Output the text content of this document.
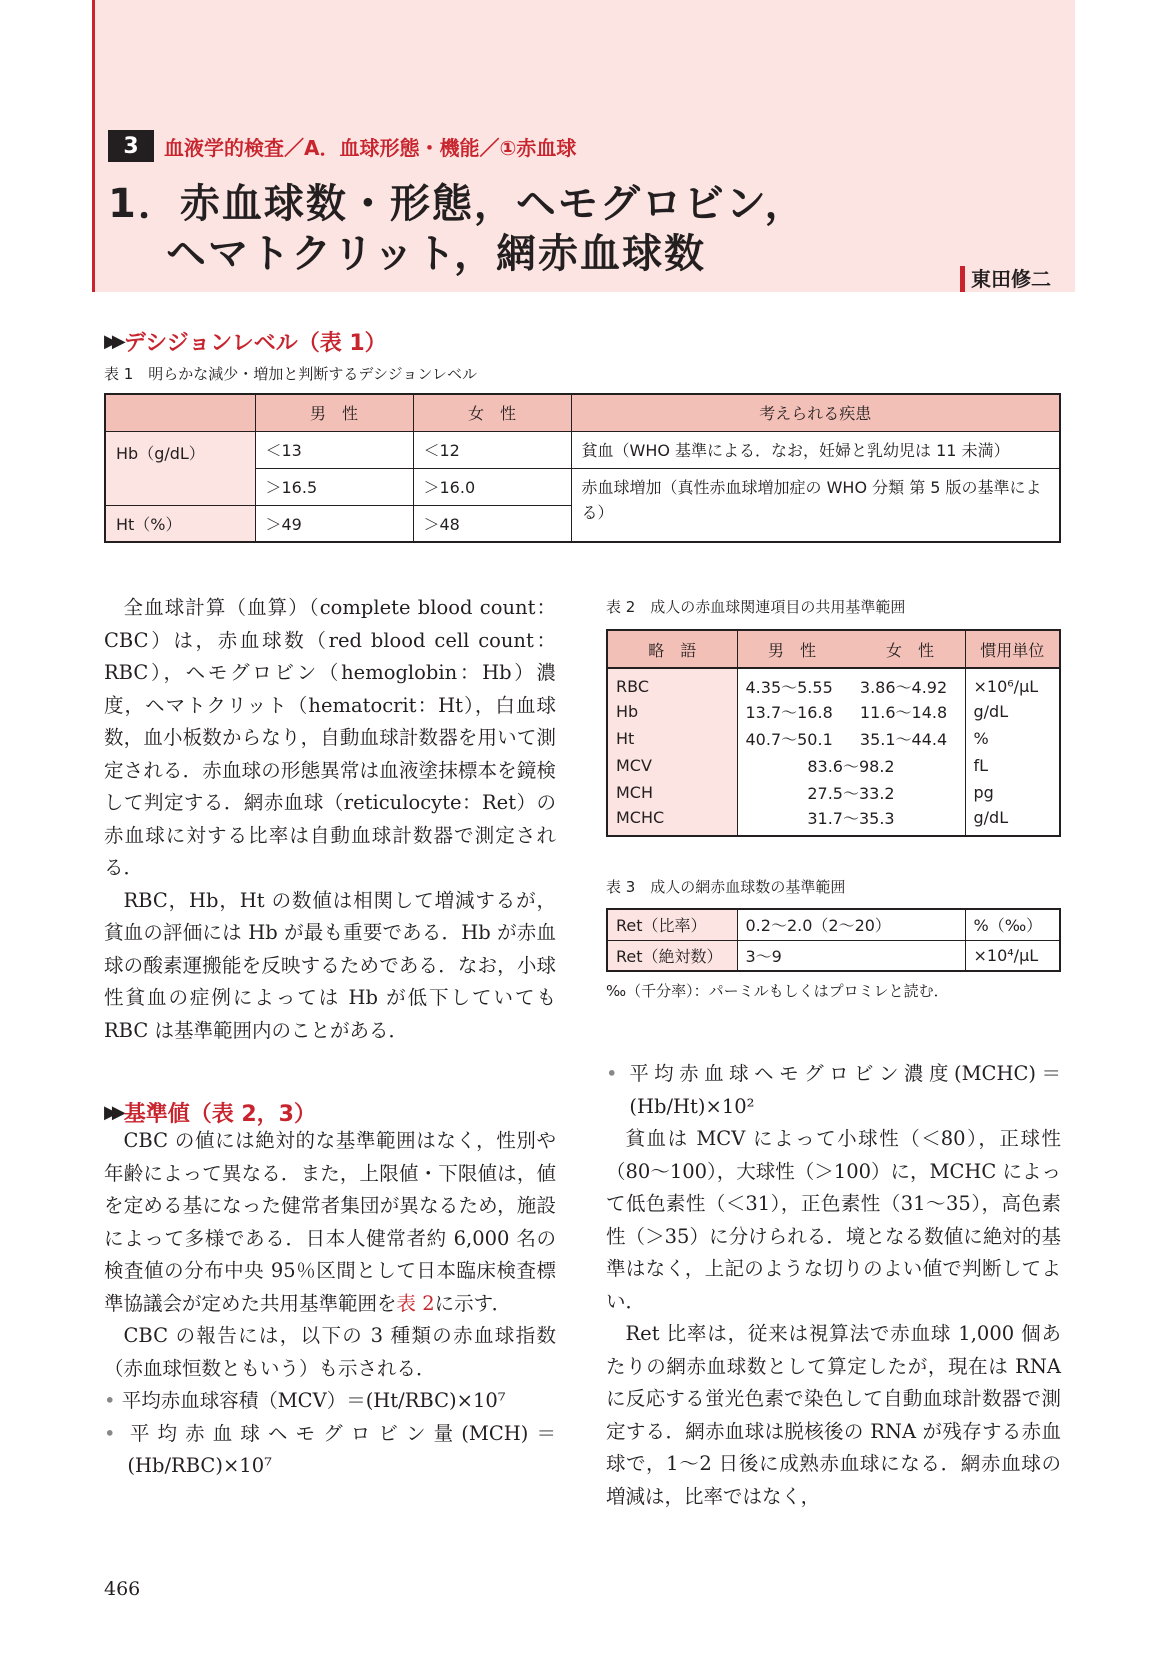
3	血液学的検査／A．血球形態・機能／①赤血球
1．赤血球数・形態，ヘモグロビン，
ヘマトクリット，網赤血球数
東田修二
▶▶ デシジョンレベル（表 1）
表 1　明らかな減少・増加と判断するデシジョンレベル
	男　性	女　性	考えられる疾患
Hb（g/dL）	＜13	＜12	貧血（WHO 基準による．なお，妊婦と乳幼児は 11 未満）
	＞16.5	＞16.0	赤血球増加（真性赤血球増加症の WHO 分類 第 5 版の基準による）
Ht（%）	＞49	＞48	

全血球計算（血算）（complete blood count：CBC）は，赤血球数（red blood cell count：RBC），ヘモグロビン（hemoglobin：Hb）濃度，ヘマトクリット（hematocrit：Ht），白血球数，血小板数からなり，自動血球計数器を用いて測定される．赤血球の形態異常は血液塗抹標本を鏡検して判定する．網赤血球（reticulocyte：Ret）の赤血球に対する比率は自動血球計数器で測定される．

RBC，Hb，Ht の数値は相関して増減するが，貧血の評価には Hb が最も重要である．Hb が赤血球の酸素運搬能を反映するためである．なお，小球性貧血の症例によっては Hb が低下していても RBC は基準範囲内のことがある．

▶▶ 基準値（表 2，3）

CBC の値には絶対的な基準範囲はなく，性別や年齢によって異なる．また，上限値・下限値は，値を定める基になった健常者集団が異なるため，施設によって多様である．日本人健常者約 6,000 名の検査値の分布中央 95％区間として日本臨床検査標準協議会が定めた共用基準範囲を表 2に示す．

CBC の報告には，以下の 3 種類の赤血球指数（赤血球恒数ともいう）も示される．

• 平均赤血球容積（MCV）＝(Ht/RBC)×10⁷

• 平均赤血球ヘモグロビン量(MCH)＝(Hb/RBC)×10⁷

表 2　成人の赤血球関連項目の共用基準範囲
略　語	男　性 女　性		慣用単位
RBC	4.35～5.55	3.86～4.92	×10⁶/μL
Hb	13.7～16.8	11.6～14.8	g/dL
Ht	40.7～50.1	35.1～44.4	%
MCV	83.6～98.2		fL
MCH	27.5～33.2		pg
MCHC	31.7～35.3		g/dL
表 3　成人の網赤血球数の基準範囲
Ret（比率）	0.2～2.0（2～20）	%（‰）
Ret（絶対数）	3～9	×10⁴/μL
‰（千分率）：パーミルもしくはプロミレと読む．

• 平均赤血球ヘモグロビン濃度(MCHC)＝(Hb/Ht)×10²

貧血は MCV によって小球性（＜80），正球性（80～100），大球性（＞100）に，MCHC によって低色素性（＜31），正色素性（31～35），高色素性（＞35）に分けられる．境となる数値に絶対的基準はなく，上記のような切りのよい値で判断してよい．

Ret 比率は，従来は視算法で赤血球 1,000 個あたりの網赤血球数として算定したが，現在は RNA に反応する蛍光色素で染色して自動血球計数器で測定する．網赤血球は脱核後の RNA が残存する赤血球で，1～2 日後に成熟赤血球になる．網赤血球の増減は，比率ではなく，

466
